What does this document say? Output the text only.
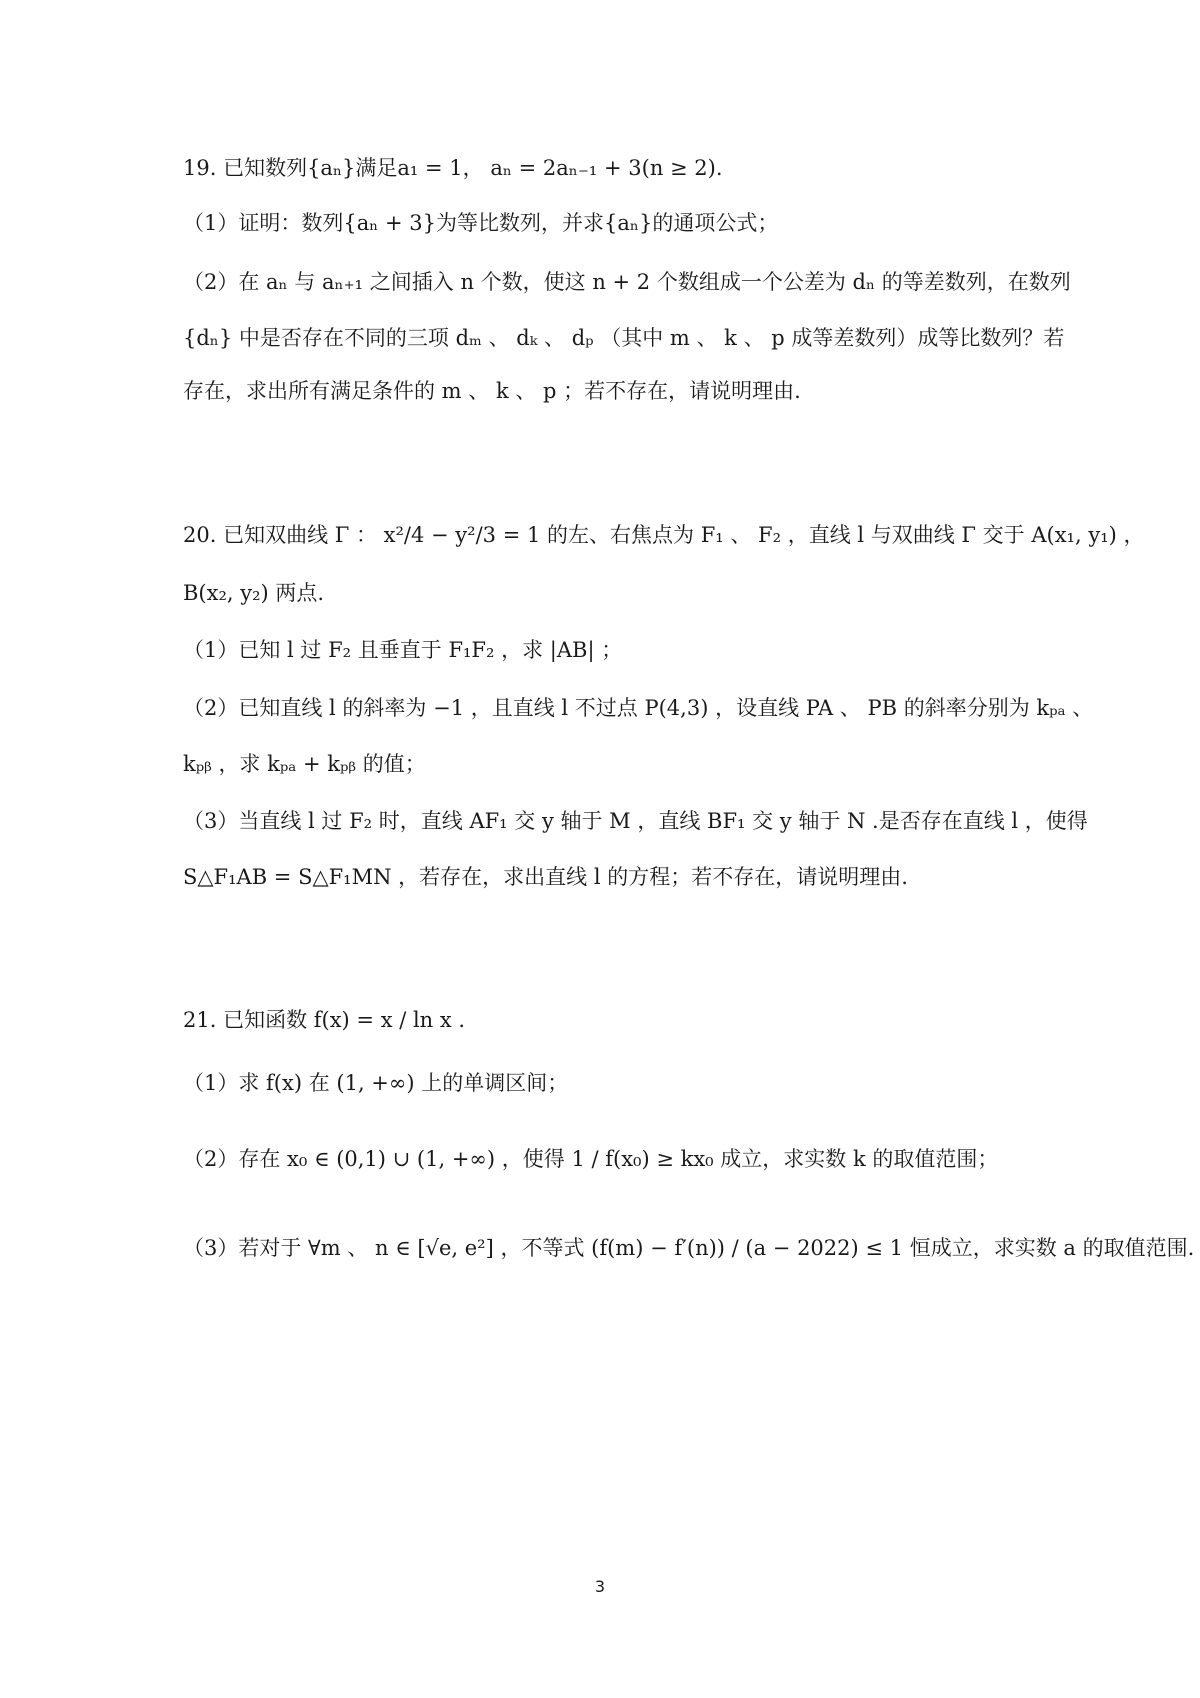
19. 已知数列{aₙ}满足a₁ = 1， aₙ = 2aₙ₋₁ + 3(n ≥ 2).
（1）证明：数列{aₙ + 3}为等比数列，并求{aₙ}的通项公式；
（2）在 aₙ 与 aₙ₊₁ 之间插入 n 个数，使这 n + 2 个数组成一个公差为 dₙ 的等差数列，在数列
{dₙ} 中是否存在不同的三项 dₘ 、 dₖ 、 dₚ （其中 m 、 k 、 p 成等差数列）成等比数列？若
存在，求出所有满足条件的 m 、 k 、 p ；若不存在，请说明理由.
20. 已知双曲线 Γ ： x²/4 − y²/3 = 1 的左、右焦点为 F₁ 、 F₂ ，直线 l 与双曲线 Γ 交于 A(x₁, y₁) ，
B(x₂, y₂) 两点.
（1）已知 l 过 F₂ 且垂直于 F₁F₂ ，求 |AB| ；
（2）已知直线 l 的斜率为 −1 ，且直线 l 不过点 P(4,3) ，设直线 PA 、 PB 的斜率分别为 kₚₐ 、
kₚᵦ ，求 kₚₐ + kₚᵦ 的值；
（3）当直线 l 过 F₂ 时，直线 AF₁ 交 y 轴于 M ，直线 BF₁ 交 y 轴于 N .是否存在直线 l ，使得
S△F₁AB = S△F₁MN ，若存在，求出直线 l 的方程；若不存在，请说明理由.
21. 已知函数 f(x) = x / ln x .
（1）求 f(x) 在 (1, +∞) 上的单调区间；
（2）存在 x₀ ∈ (0,1) ∪ (1, +∞) ，使得 1 / f(x₀) ≥ kx₀ 成立，求实数 k 的取值范围；
（3）若对于 ∀m 、 n ∈ [√e, e²] ，不等式 (f(m) − f′(n)) / (a − 2022) ≤ 1 恒成立，求实数 a 的取值范围.
3
